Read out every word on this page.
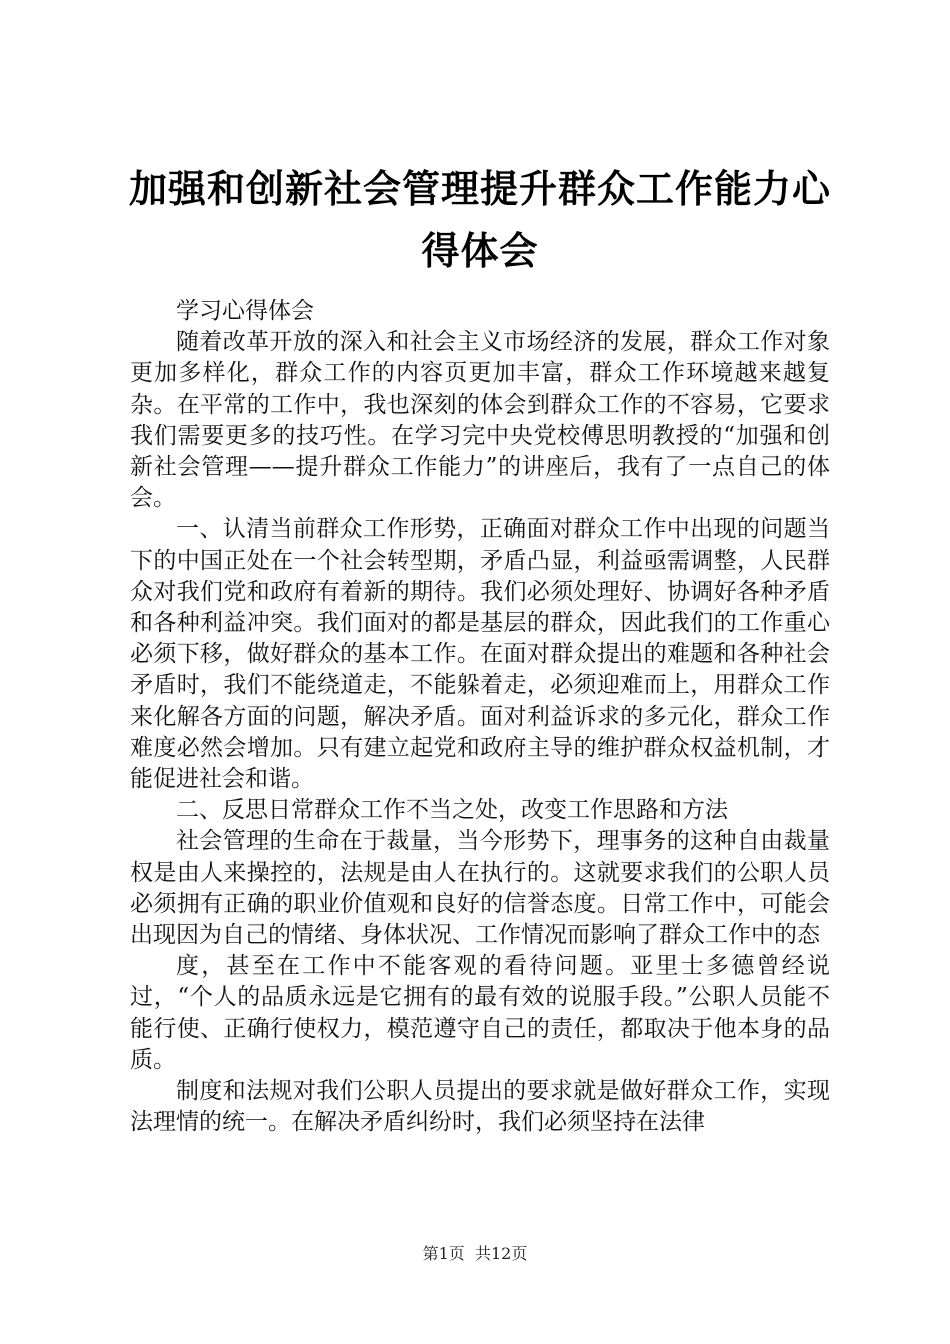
加强和创新社会管理提升群众工作能力心得体会

学习心得体会

随着改革开放的深入和社会主义市场经济的发展，群众工作对象更加多样化，群众工作的内容页更加丰富，群众工作环境越来越复杂。在平常的工作中，我也深刻的体会到群众工作的不容易，它要求我们需要更多的技巧性。在学习完中央党校傅思明教授的“加强和创新社会管理——提升群众工作能力”的讲座后，我有了一点自己的体会。

一、认清当前群众工作形势，正确面对群众工作中出现的问题当下的中国正处在一个社会转型期，矛盾凸显，利益亟需调整，人民群众对我们党和政府有着新的期待。我们必须处理好、协调好各种矛盾和各种利益冲突。我们面对的都是基层的群众，因此我们的工作重心必须下移，做好群众的基本工作。在面对群众提出的难题和各种社会矛盾时，我们不能绕道走，不能躲着走，必须迎难而上，用群众工作来化解各方面的问题，解决矛盾。面对利益诉求的多元化，群众工作难度必然会增加。只有建立起党和政府主导的维护群众权益机制，才能促进社会和谐。

二、反思日常群众工作不当之处，改变工作思路和方法

社会管理的生命在于裁量，当今形势下，理事务的这种自由裁量权是由人来操控的，法规是由人在执行的。这就要求我们的公职人员必须拥有正确的职业价值观和良好的信誉态度。日常工作中，可能会出现因为自己的情绪、身体状况、工作情况而影响了群众工作中的态

度，甚至在工作中不能客观的看待问题。亚里士多德曾经说过，“个人的品质永远是它拥有的最有效的说服手段。”公职人员能不能行使、正确行使权力，模范遵守自己的责任，都取决于他本身的品质。

制度和法规对我们公职人员提出的要求就是做好群众工作，实现法理情的统一。在解决矛盾纠纷时，我们必须坚持在法律

第1页 共12页
